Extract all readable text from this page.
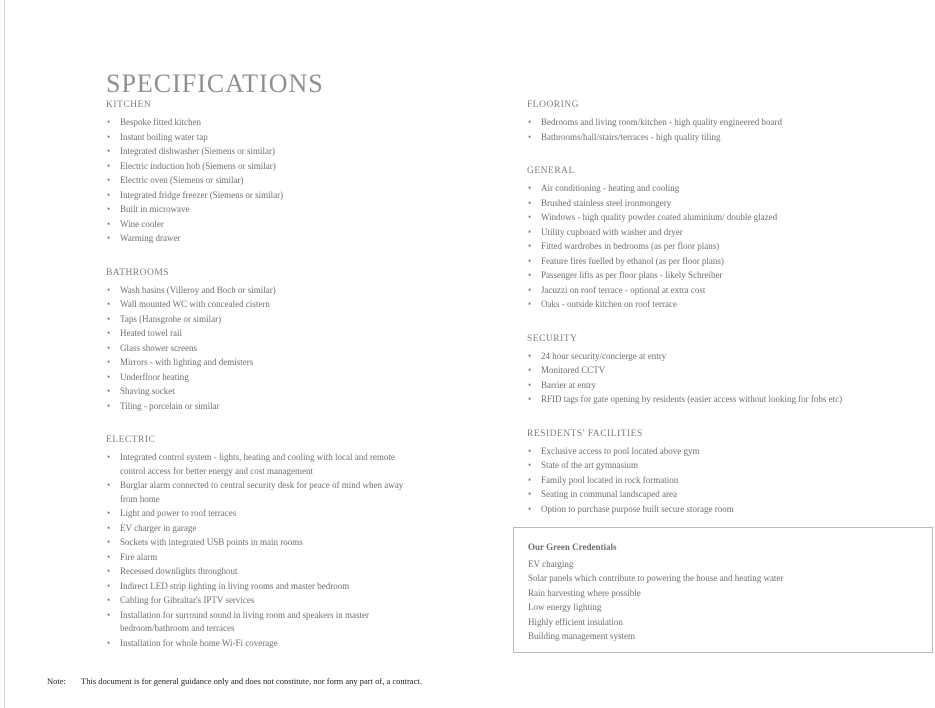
SPECIFICATIONS
KITCHEN
• Bespoke fitted kitchen
• Instant boiling water tap
• Integrated dishwasher (Siemens or similar)
• Electric induction hob (Siemens or similar)
• Electric oven (Siemens or similar)
• Integrated fridge freezer (Siemens or similar)
• Built in microwave
• Wine cooler
• Warming drawer
BATHROOMS
• Wash basins (Villeroy and Boch or similar)
• Wall mounted WC with concealed cistern
• Taps (Hansgrohe or similar)
• Heated towel rail
• Glass shower screens
• Mirrors - with lighting and demisters
• Underfloor heating
• Shaving socket
• Tiling - porcelain or similar
ELECTRIC
• Integrated control system - lights, heating and cooling with local and remote control access for better energy and cost management
• Burglar alarm connected to central security desk for peace of mind when away from home
• Light and power to roof terraces
• EV charger in garage
• Sockets with integrated USB points in main rooms
• Fire alarm
• Recessed downlights throughout
• Indirect LED strip lighting in living rooms and master bedroom
• Cabling for Gibraltar's IPTV services
• Installation for surround sound in living room and speakers in master bedroom/bathroom and terraces
• Installation for whole home Wi-Fi coverage
FLOORING
• Bedrooms and living room/kitchen - high quality engineered board
• Bathrooms/hall/stairs/terraces - high quality tiling
GENERAL
• Air conditioning - heating and cooling
• Brushed stainless steel ironmongery
• Windows - high quality powder coated aluminium/ double glazed
• Utility cupboard with washer and dryer
• Fitted wardrobes in bedrooms (as per floor plans)
• Feature fires fuelled by ethanol (as per floor plans)
• Passenger lifts as per floor plans - likely Schreiber
• Jacuzzi on roof terrace - optional at extra cost
• Oaks - outside kitchen on roof terrace
SECURITY
• 24 hour security/concierge at entry
• Monitored CCTV
• Barrier at entry
• RFID tags for gate opening by residents (easier access without looking for fobs etc)
RESIDENTS' FACILITIES
• Exclusive access to pool located above gym
• State of the art gymnasium
• Family pool located in rock formation
• Seating in communal landscaped area
• Option to purchase purpose built secure storage room
Our Green Credentials
EV charging
Solar panels which contribute to powering the house and heating water
Rain harvesting where possible
Low energy lighting
Highly efficient insulation
Building management system
Note: This document is for general guidance only and does not constitute, nor form any part of, a contract.
